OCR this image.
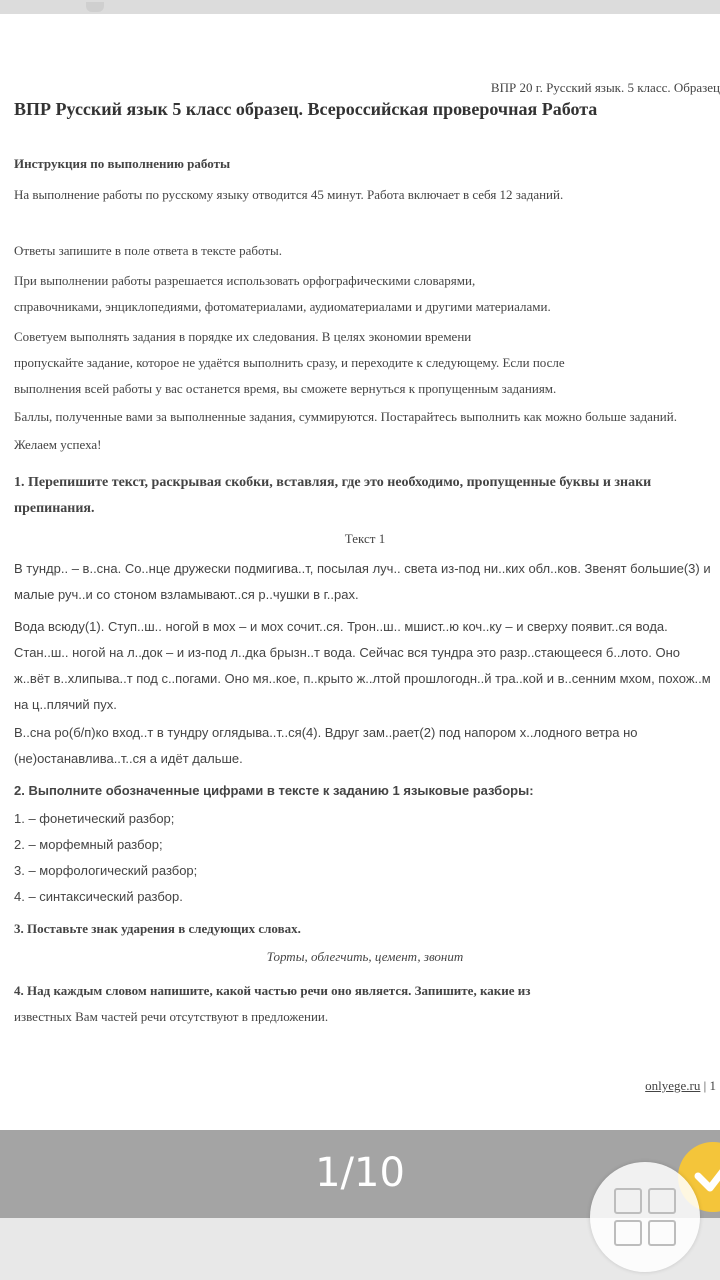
ВПР 20 г. Русский язык. 5 класс. Образец
ВПР Русский язык 5 класс образец. Всероссийская проверочная Работа
Инструкция по выполнению работы
На выполнение работы по русскому языку отводится 45 минут. Работа включает в себя 12 заданий.
Ответы запишите в поле ответа в тексте работы.
При выполнении работы разрешается использовать орфографическими словарями,
справочниками, энциклопедиями, фотоматериалами, аудиоматериалами и другими материалами.
Советуем выполнять задания в порядке их следования. В целях экономии времени
пропускайте задание, которое не удаётся выполнить сразу, и переходите к следующему. Если после
выполнения всей работы у вас останется время, вы сможете вернуться к пропущенным заданиям.
Баллы, полученные вами за выполненные задания, суммируются. Постарайтесь выполнить как можно больше заданий.
Желаем успеха!
1. Перепишите текст, раскрывая скобки, вставляя, где это необходимо, пропущенные буквы и знаки препинания.
Текст 1
В тундр.. – в..сна. Со..нце дружески подмигива..т, посылая луч.. света из-под ни..ких обл..ков. Звенят большие(3) и малые руч..и со стоном взламывают..ся р..чушки в г..рах.
Вода всюду(1). Ступ..ш.. ногой в мох – и мох сочит..ся. Трон..ш.. мшист..ю коч..ку – и сверху появит..ся вода. Стан..ш.. ногой на л..док – и из-под л..дка брызн..т вода. Сейчас вся тундра это разр..стающееся б..лото. Оно ж..вёт в..хлипыва..т под с..погами. Оно мя..кое, п..крыто ж..лтой прошлогодн..й тра..кой и в..сенним мхом, похож..м на ц..плячий пух.
В..сна ро(б/п)ко вход..т в тундру оглядыва..т..ся(4). Вдруг зам..рает(2) под напором х..лодного ветра но (не)останавлива..т..ся а идёт дальше.
2. Выполните обозначенные цифрами в тексте к заданию 1 языковые разборы:
1. – фонетический разбор;
2. – морфемный разбор;
3. – морфологический разбор;
4. – синтаксический разбор.
3. Поставьте знак ударения в следующих словах.
Торты, облегчить, цемент, звонит
4. Над каждым словом напишите, какой частью речи оно является. Запишите, какие из
известных Вам частей речи отсутствуют в предложении.
onlyege.ru | 1
1/10
